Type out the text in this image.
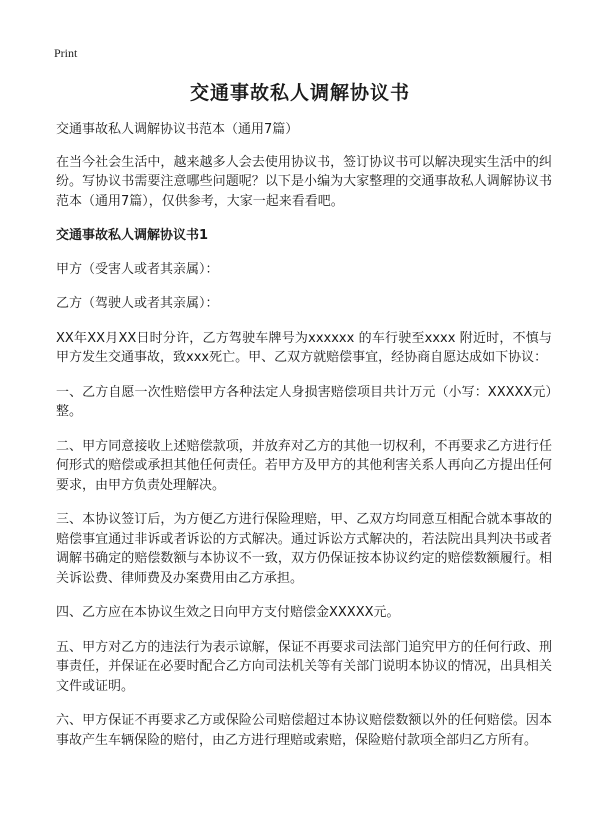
Print
交通事故私人调解协议书

交通事故私人调解协议书范本（通用7篇）

在当今社会生活中，越来越多人会去使用协议书，签订协议书可以解决现实生活中的纠纷。写协议书需要注意哪些问题呢？以下是小编为大家整理的交通事故私人调解协议书范本（通用7篇），仅供参考，大家一起来看看吧。

交通事故私人调解协议书1

甲方（受害人或者其亲属）：

乙方（驾驶人或者其亲属）：

XX年XX月XX日时分许，乙方驾驶车牌号为xxxxxx 的车行驶至xxxx 附近时，不慎与甲方发生交通事故，致xxx死亡。甲、乙双方就赔偿事宜，经协商自愿达成如下协议：

一、乙方自愿一次性赔偿甲方各种法定人身损害赔偿项目共计万元（小写：XXXXX元）整。

二、甲方同意接收上述赔偿款项，并放弃对乙方的其他一切权利，不再要求乙方进行任何形式的赔偿或承担其他任何责任。若甲方及甲方的其他利害关系人再向乙方提出任何要求，由甲方负责处理解决。

三、本协议签订后，为方便乙方进行保险理赔，甲、乙双方均同意互相配合就本事故的赔偿事宜通过非诉或者诉讼的方式解决。通过诉讼方式解决的，若法院出具判决书或者调解书确定的赔偿数额与本协议不一致，双方仍保证按本协议约定的赔偿数额履行。相关诉讼费、律师费及办案费用由乙方承担。

四、乙方应在本协议生效之日向甲方支付赔偿金XXXXX元。

五、甲方对乙方的违法行为表示谅解，保证不再要求司法部门追究甲方的任何行政、刑事责任，并保证在必要时配合乙方向司法机关等有关部门说明本协议的情况，出具相关文件或证明。

六、甲方保证不再要求乙方或保险公司赔偿超过本协议赔偿数额以外的任何赔偿。因本事故产生车辆保险的赔付，由乙方进行理赔或索赔，保险赔付款项全部归乙方所有。
